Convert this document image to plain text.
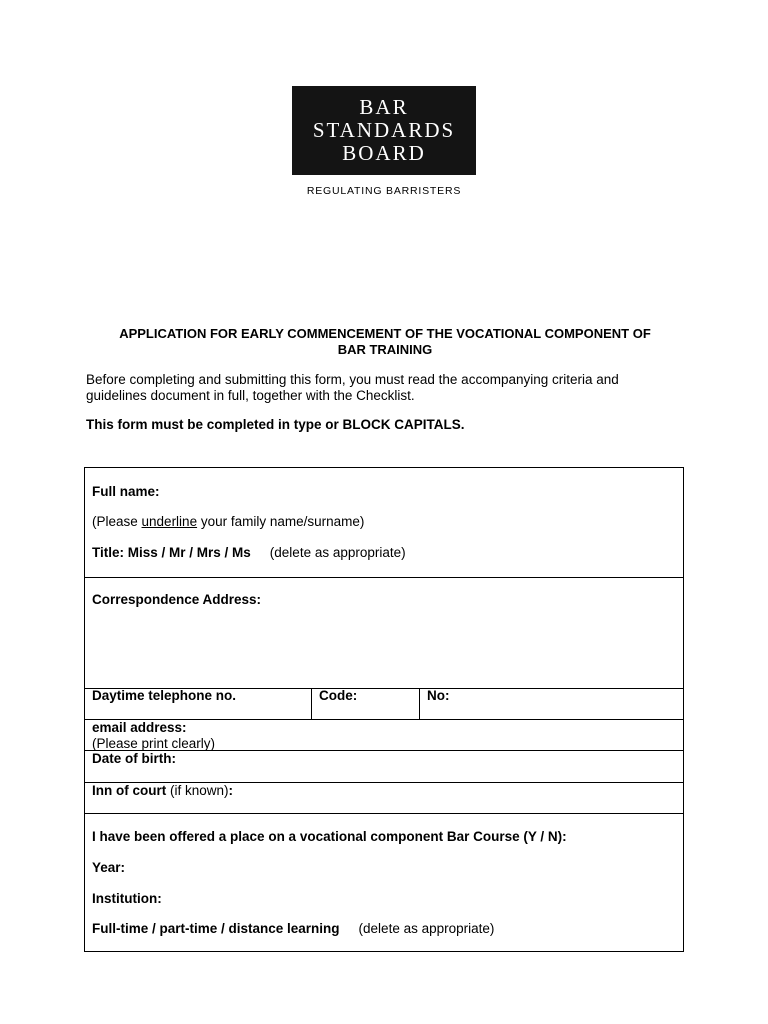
BAR
STANDARDS
BOARD
REGULATING BARRISTERS
APPLICATION FOR EARLY COMMENCEMENT OF THE VOCATIONAL COMPONENT OF
BAR TRAINING
Before completing and submitting this form, you must read the accompanying criteria and
guidelines document in full, together with the Checklist.
This form must be completed in type or BLOCK CAPITALS.
Full name:
(Please underline your family name/surname)
Title: Miss / Mr / Mrs / Ms (delete as appropriate)
Correspondence Address:
Daytime telephone no.	Code:	No:
email address:
(Please print clearly)
Date of birth:
Inn of court (if known):
I have been offered a place on a vocational component Bar Course (Y / N):
Year:
Institution:
Full-time / part-time / distance learning (delete as appropriate)
